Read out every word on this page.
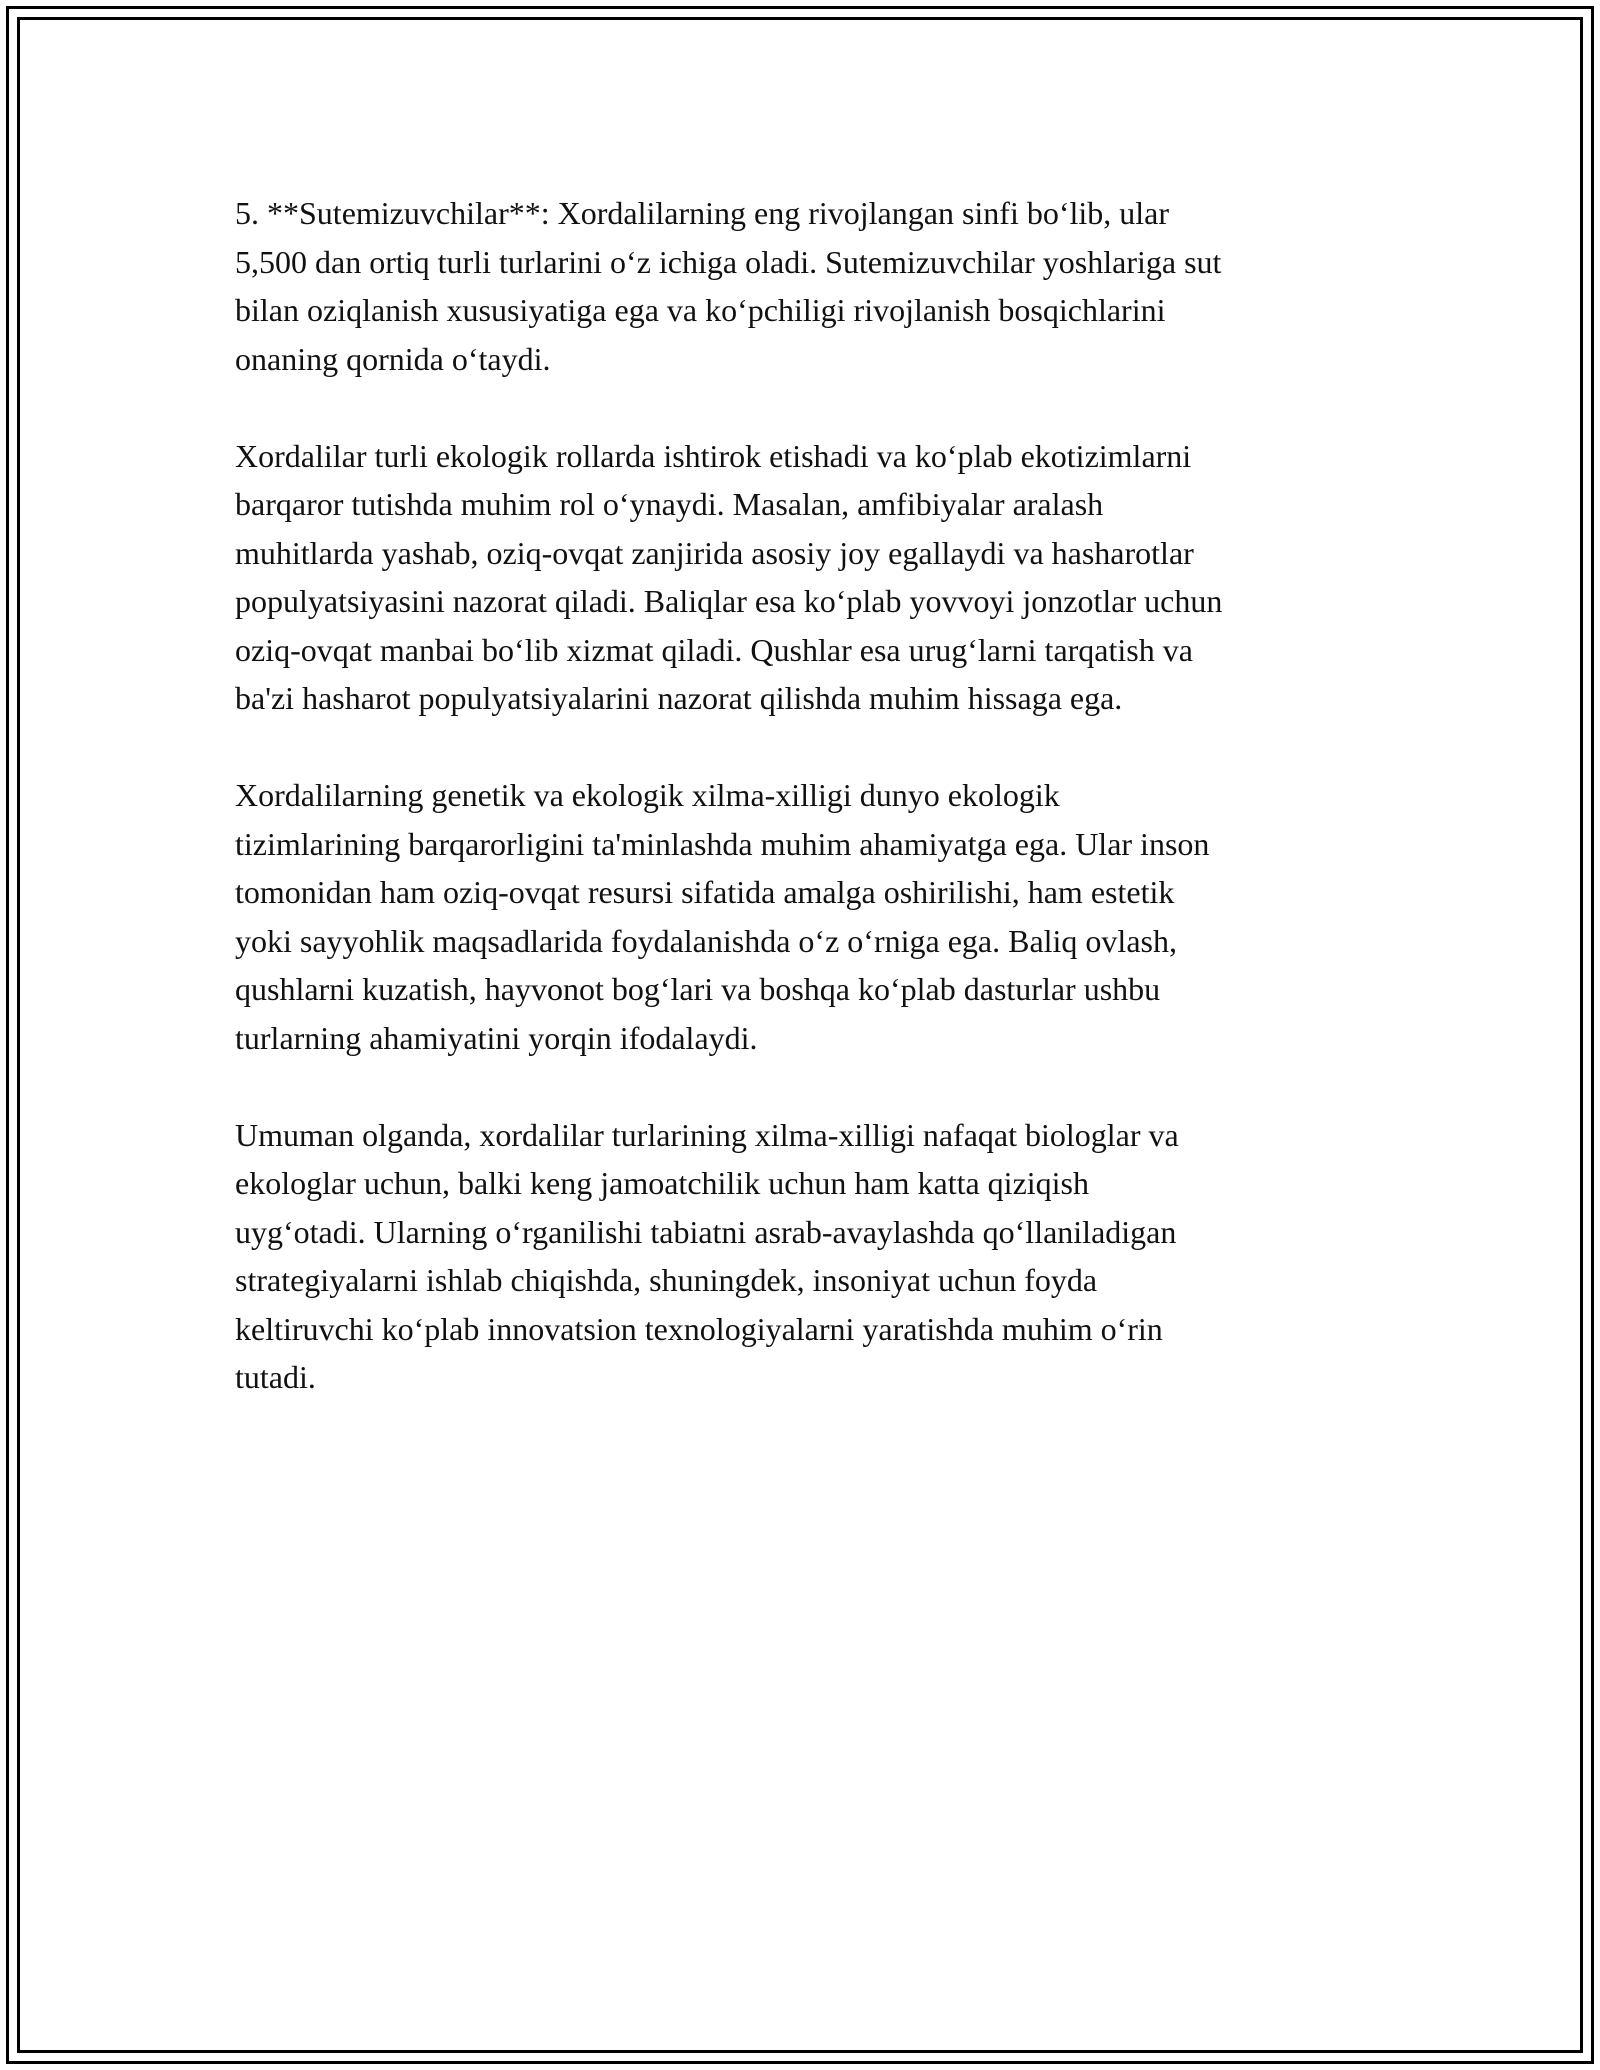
5. **Sutemizuvchilar**: Xordalilarning eng rivojlangan sinfi bo‘lib, ular
5,500 dan ortiq turli turlarini o‘z ichiga oladi. Sutemizuvchilar yoshlariga sut
bilan oziqlanish xususiyatiga ega va ko‘pchiligi rivojlanish bosqichlarini
onaning qornida o‘taydi.

Xordalilar turli ekologik rollarda ishtirok etishadi va ko‘plab ekotizimlarni
barqaror tutishda muhim rol o‘ynaydi. Masalan, amfibiyalar aralash
muhitlarda yashab, oziq-ovqat zanjirida asosiy joy egallaydi va hasharotlar
populyatsiyasini nazorat qiladi. Baliqlar esa ko‘plab yovvoyi jonzotlar uchun
oziq-ovqat manbai bo‘lib xizmat qiladi. Qushlar esa urug‘larni tarqatish va
ba'zi hasharot populyatsiyalarini nazorat qilishda muhim hissaga ega.

Xordalilarning genetik va ekologik xilma-xilligi dunyo ekologik
tizimlarining barqarorligini ta'minlashda muhim ahamiyatga ega. Ular inson
tomonidan ham oziq-ovqat resursi sifatida amalga oshirilishi, ham estetik
yoki sayyohlik maqsadlarida foydalanishda o‘z o‘rniga ega. Baliq ovlash,
qushlarni kuzatish, hayvonot bog‘lari va boshqa ko‘plab dasturlar ushbu
turlarning ahamiyatini yorqin ifodalaydi.

Umuman olganda, xordalilar turlarining xilma-xilligi nafaqat biologlar va
ekologlar uchun, balki keng jamoatchilik uchun ham katta qiziqish
uyg‘otadi. Ularning o‘rganilishi tabiatni asrab-avaylashda qo‘llaniladigan
strategiyalarni ishlab chiqishda, shuningdek, insoniyat uchun foyda
keltiruvchi ko‘plab innovatsion texnologiyalarni yaratishda muhim o‘rin
tutadi.
